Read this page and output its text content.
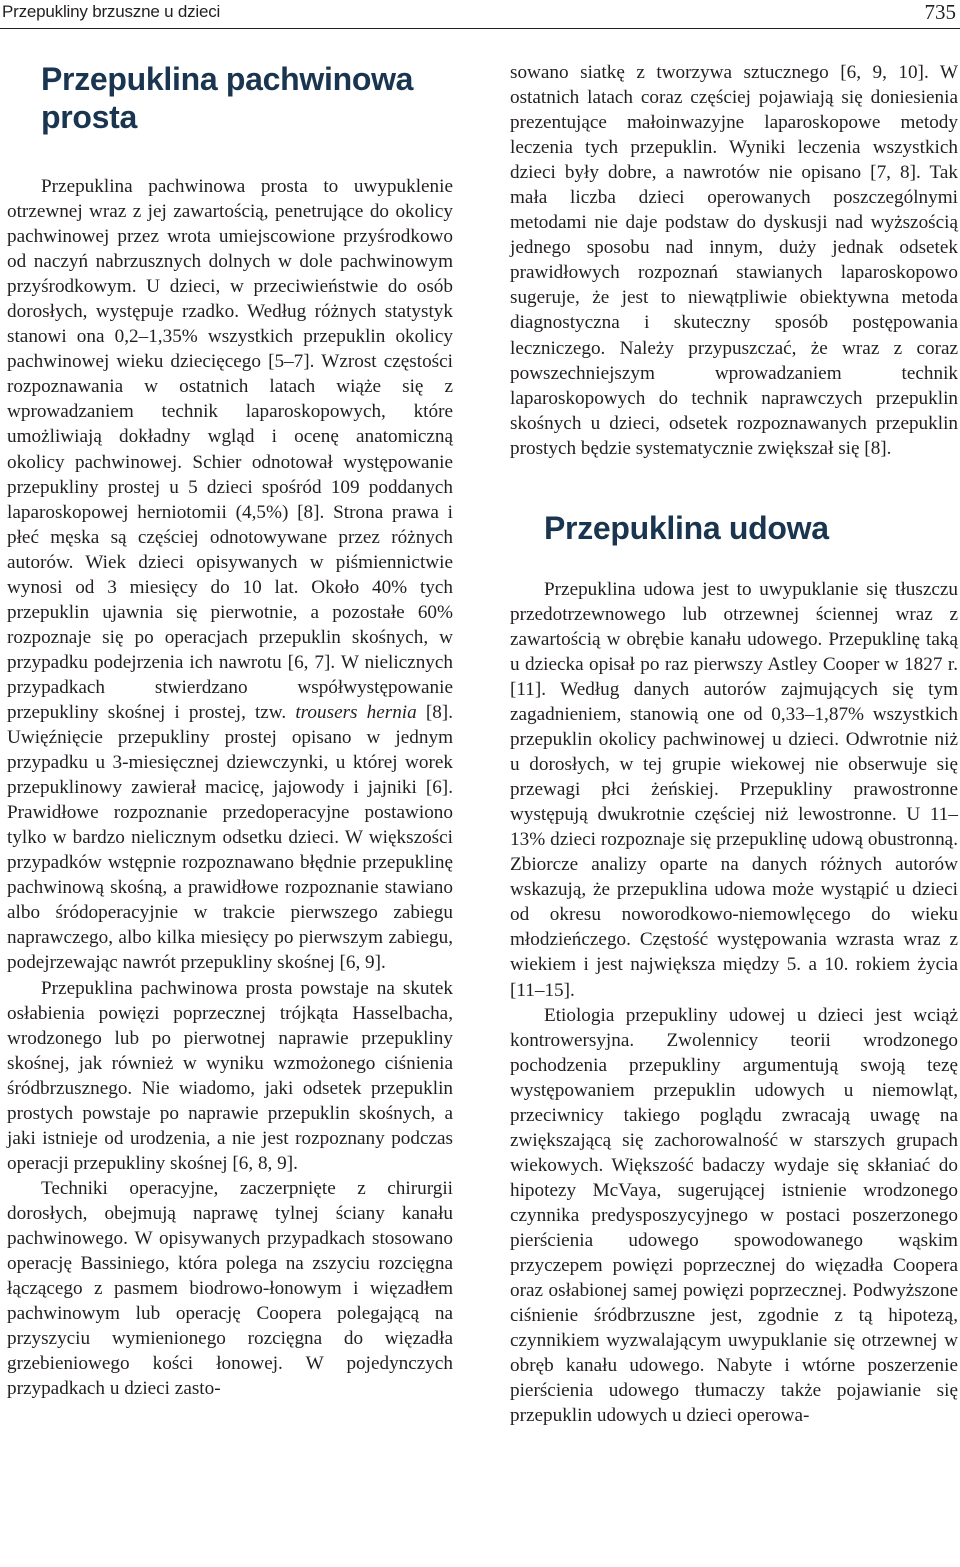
Przepukliny brzuszne u dzieci	735
Przepuklina pachwinowa prosta

Przepuklina pachwinowa prosta to uwypuklenie otrzewnej wraz z jej zawartością, penetrujące do okolicy pachwinowej przez wrota umiejscowione przyśrodkowo od naczyń nabrzusznych dolnych w dole pachwinowym przyśrodkowym. U dzieci, w przeciwieństwie do osób dorosłych, występuje rzadko. Według różnych statystyk stanowi ona 0,2–1,35% wszystkich przepuklin okolicy pachwinowej wieku dziecięcego [5–7]. Wzrost częstości rozpoznawania w ostatnich latach wiąże się z wprowadzaniem technik laparoskopowych, które umożliwiają dokładny wgląd i ocenę anatomiczną okolicy pachwinowej. Schier odnotował występowanie przepukliny prostej u 5 dzieci spośród 109 poddanych laparoskopowej herniotomii (4,5%) [8]. Strona prawa i płeć męska są częściej odnotowywane przez różnych autorów. Wiek dzieci opisywanych w piśmiennictwie wynosi od 3 miesięcy do 10 lat. Około 40% tych przepuklin ujawnia się pierwotnie, a pozostałe 60% rozpoznaje się po operacjach przepuklin skośnych, w przypadku podejrzenia ich nawrotu [6, 7]. W nielicznych przypadkach stwierdzano współwystępowanie przepukliny skośnej i prostej, tzw. trousers hernia [8]. Uwięźnięcie przepukliny prostej opisano w jednym przypadku u 3-miesięcznej dziewczynki, u której worek przepuklinowy zawierał macicę, jajowody i jajniki [6]. Prawidłowe rozpoznanie przedoperacyjne postawiono tylko w bardzo nielicznym odsetku dzieci. W większości przypadków wstępnie rozpoznawano błędnie przepuklinę pachwinową skośną, a prawidłowe rozpoznanie stawiano albo śródoperacyjnie w trakcie pierwszego zabiegu naprawczego, albo kilka miesięcy po pierwszym zabiegu, podejrzewając nawrót przepukliny skośnej [6, 9].

Przepuklina pachwinowa prosta powstaje na skutek osłabienia powięzi poprzecznej trójkąta Hasselbacha, wrodzonego lub po pierwotnej naprawie przepukliny skośnej, jak również w wyniku wzmożonego ciśnienia śródbrzusznego. Nie wiadomo, jaki odsetek przepuklin prostych powstaje po naprawie przepuklin skośnych, a jaki istnieje od urodzenia, a nie jest rozpoznany podczas operacji przepukliny skośnej [6, 8, 9].

Techniki operacyjne, zaczerpnięte z chirurgii dorosłych, obejmują naprawę tylnej ściany kanału pachwinowego. W opisywanych przypadkach stosowano operację Bassiniego, która polega na zszyciu rozcięgna łączącego z pasmem biodrowo-łonowym i więzadłem pachwinowym lub operację Coopera polegającą na przyszyciu wymienionego rozcięgna do więzadła grzebieniowego kości łonowej. W pojedynczych przypadkach u dzieci zasto-

sowano siatkę z tworzywa sztucznego [6, 9, 10]. W ostatnich latach coraz częściej pojawiają się doniesienia prezentujące małoinwazyjne laparoskopowe metody leczenia tych przepuklin. Wyniki leczenia wszystkich dzieci były dobre, a nawrotów nie opisano [7, 8]. Tak mała liczba dzieci operowanych poszczególnymi metodami nie daje podstaw do dyskusji nad wyższością jednego sposobu nad innym, duży jednak odsetek prawidłowych rozpoznań stawianych laparoskopowo sugeruje, że jest to niewątpliwie obiektywna metoda diagnostyczna i skuteczny sposób postępowania leczniczego. Należy przypuszczać, że wraz z coraz powszechniejszym wprowadzaniem technik laparoskopowych do technik naprawczych przepuklin skośnych u dzieci, odsetek rozpoznawanych przepuklin prostych będzie systematycznie zwiększał się [8].

Przepuklina udowa

Przepuklina udowa jest to uwypuklanie się tłuszczu przedotrzewnowego lub otrzewnej ściennej wraz z zawartością w obrębie kanału udowego. Przepuklinę taką u dziecka opisał po raz pierwszy Astley Cooper w 1827 r. [11]. Według danych autorów zajmujących się tym zagadnieniem, stanowią one od 0,33–1,87% wszystkich przepuklin okolicy pachwinowej u dzieci. Odwrotnie niż u dorosłych, w tej grupie wiekowej nie obserwuje się przewagi płci żeńskiej. Przepukliny prawostronne występują dwukrotnie częściej niż lewostronne. U 11–13% dzieci rozpoznaje się przepuklinę udową obustronną. Zbiorcze analizy oparte na danych różnych autorów wskazują, że przepuklina udowa może wystąpić u dzieci od okresu noworodkowo-niemowlęcego do wieku młodzieńczego. Częstość występowania wzrasta wraz z wiekiem i jest największa między 5. a 10. rokiem życia [11–15].

Etiologia przepukliny udowej u dzieci jest wciąż kontrowersyjna. Zwolennicy teorii wrodzonego pochodzenia przepukliny argumentują swoją tezę występowaniem przepuklin udowych u niemowląt, przeciwnicy takiego poglądu zwracają uwagę na zwiększającą się zachorowalność w starszych grupach wiekowych. Większość badaczy wydaje się skłaniać do hipotezy McVaya, sugerującej istnienie wrodzonego czynnika predysposzycyjnego w postaci poszerzonego pierścienia udowego spowodowanego wąskim przyczepem powięzi poprzecznej do więzadła Coopera oraz osłabionej samej powięzi poprzecznej. Podwyższone ciśnienie śródbrzuszne jest, zgodnie z tą hipotezą, czynnikiem wyzwalającym uwypuklanie się otrzewnej w obręb kanału udowego. Nabyte i wtórne poszerzenie pierścienia udowego tłumaczy także pojawianie się przepuklin udowych u dzieci operowa-
